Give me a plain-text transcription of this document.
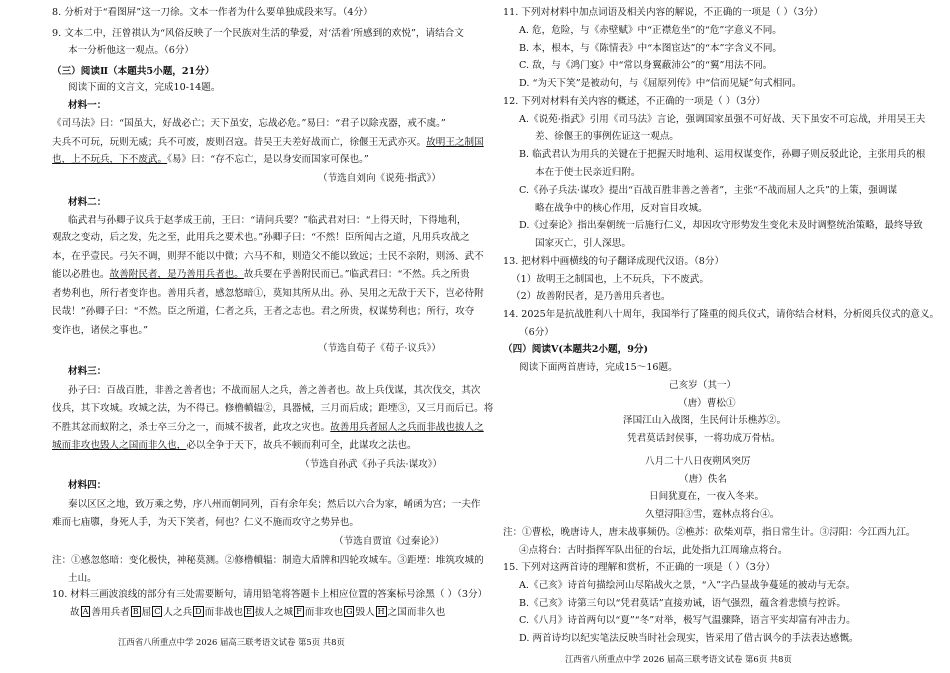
8. 分析对于“看图屏”这一刀徐。文本一作者为什么要单独成段来写。（4分）
9. 文本二中，汪曾祺认为“风俗反映了一个民族对生活的挚爱，对‘活着’所感到的欢悦”，请结合文
本一分析他这一观点。（6分）
（三）阅读Ⅱ（本题共5小题，21分）
阅读下面的文言文，完成10-14题。
材料一：
《司马法》曰：“国虽大，好战必亡；天下虽安，忘战必危。”易曰：“君子以除戎器，戒不虞。”
夫兵不可玩，玩则无威；兵不可废，废则召寇。昔吴王夫差好战而亡，徐偃王无武亦灭。故明王之制国
也，上不玩兵，下不废武。《易》曰：“存不忘亡，是以身安而国家可保也。”
（节选自刘向《说苑·指武》）
材料二：
临武君与孙卿子议兵于赵孝成王前，王曰：“请问兵要？”临武君对曰：“上得天时，下得地利，
观敌之变动，后之发，先之至，此用兵之要术也。”孙卿子曰：“不然！臣所闻古之道，凡用兵攻战之
本，在乎壹民。弓矢不调，则羿不能以中微；六马不和，则造父不能以致远；士民不亲附，则汤、武不
能以必胜也。故善附民者，是乃善用兵者也。故兵要在乎善附民而已。”临武君曰：“不然。兵之所贵
者势利也，所行者变诈也。善用兵者，感忽悠暗①，莫知其所从出。孙、吴用之无敌于天下，岂必待附
民哉！”孙卿子曰：“不然。臣之所道，仁者之兵，王者之志也。君之所贵，权谋势利也；所行，攻夺
变诈也，诸侯之事也。”
（节选自荀子《荀子·议兵》）
材料三：
孙子曰：百战百胜，非善之善者也；不战而屈人之兵，善之善者也。故上兵伐谋，其次伐交，其次
伐兵，其下攻城。攻城之法，为不得已。修橹轒辒②，具器械，三月而后成；距堙③，又三月而后已。将
不胜其忿而蚁附之，杀士卒三分之一，而城不拔者，此攻之灾也。故善用兵者屈人之兵而非战也拔人之
城而非攻也毁人之国而非久也，必以全争于天下，故兵不顿而利可全，此谋攻之法也。
（节选自孙武《孙子兵法·谋攻》）
材料四：
秦以区区之地，致万乘之势，序八州而朝同列，百有余年矣；然后以六合为家，崤函为宫；一夫作
难而七庙隳，身死人手，为天下笑者，何也？仁义不施而攻守之势异也。
（节选自贾谊《过秦论》）
注：①感忽悠暗：变化极快，神秘莫测。②修橹轒辒：制造大盾牌和四轮攻城车。③距堙：堆筑攻城的
土山。
10. 材料三画波浪线的部分有三处需要断句，请用铅笔将答题卡上相应位置的答案标号涂黑（ ）（3分）
故 A 善用兵者 B 屈 C 人之兵 D 而非战也 E 拔人之城 F 而非攻也 G 毁人 H 之国而非久也
江西省八所重点中学 2026 届高三联考语文试卷 第5页 共8页
11. 下列对材料中加点词语及相关内容的解说，不正确的一项是（ ）（3分）
A. 危，危险，与《赤壁赋》中“正襟危坐”的“危”字意义不同。
B. 本，根本，与《陈情表》中“本图宦达”的“本”字含义不同。
C. 敌，与《鸿门宴》中“常以身翼蔽沛公”的“翼”用法不同。
D. “为天下笑”是被动句，与《屈原列传》中“信而见疑”句式相同。
12. 下列对材料有关内容的概述，不正确的一项是（ ）（3分）
A.《说苑·指武》引用《司马法》言论，强调国家虽强不可好战、天下虽安不可忘战，并用吴王夫
差、徐偃王的事例佐证这一观点。
B. 临武君认为用兵的关键在于把握天时地利、运用权谋变作，孙卿子则反驳此论，主张用兵的根
本在于使士民亲近归附。
C.《孙子兵法·谋攻》提出“百战百胜非善之善者”，主张“不战而屈人之兵”的上策，强调谋
略在战争中的核心作用，反对盲目攻城。
D.《过秦论》指出秦朝统一后施行仁义，却因攻守形势发生变化未及时调整统治策略，最终导致
国家灭亡，引人深思。
13. 把材料中画横线的句子翻译成现代汉语。（8分）
（1）故明王之制国也，上不玩兵，下不废武。
（2）故善附民者，是乃善用兵者也。
14. 2025年是抗战胜利八十周年，我国举行了隆重的阅兵仪式，请你结合材料，分析阅兵仪式的意义。
（6分）
（四）阅读Ⅴ(本题共2小题，9分)
阅读下面两首唐诗，完成15～16题。
己亥岁（其一）
（唐）曹松①
泽国江山入战图，生民何计乐樵苏②。
凭君莫话封侯事，一将功成万骨枯。
八月二十八日夜朔风突厉
（唐）佚名
日间犹夏在，一夜入冬来。
久望浔阳③雪，霆林点将台④。
注：①曹松，晚唐诗人，唐末战事频仍。②樵苏：砍柴刈草，指日常生计。③浔阳：今江西九江。
④点将台：古时指挥军队出征的台坛，此处指九江周瑜点将台。
15. 下列对这两首诗的理解和赏析，不正确的一项是（ ）（3分）
A.《己亥》诗首句描绘河山尽陷战火之景，“入”字凸显战争蔓延的被动与无奈。
B.《己亥》诗第三句以“凭君莫话”直接劝诫，语气强烈，蕴含着悲愤与控诉。
C.《八月》诗首两句以“夏”“冬”对举，极写气温骤降，语言平实却富有冲击力。
D. 两首诗均以纪实笔法反映当时社会现实，皆采用了借古讽今的手法表达感慨。
江西省八所重点中学 2026 届高三联考语文试卷 第6页 共8页
